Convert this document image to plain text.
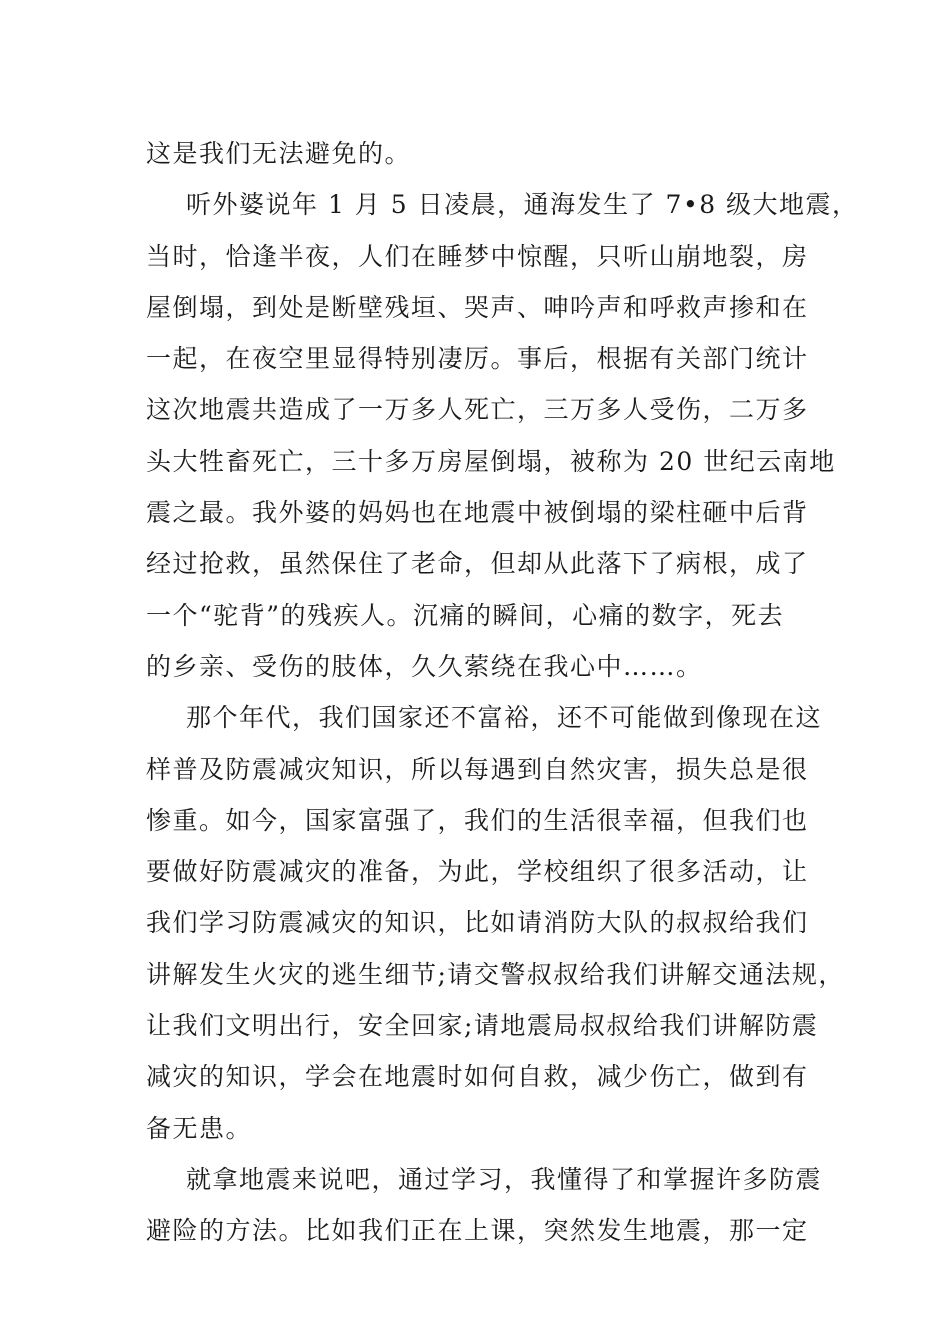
这是我们无法避免的。
听外婆说年 1 月 5 日凌晨，通海发生了 7•8 级大地震，
当时，恰逢半夜，人们在睡梦中惊醒，只听山崩地裂，房
屋倒塌，到处是断壁残垣、哭声、呻吟声和呼救声掺和在
一起，在夜空里显得特别凄厉。事后，根据有关部门统计
这次地震共造成了一万多人死亡，三万多人受伤，二万多
头大牲畜死亡，三十多万房屋倒塌，被称为 20 世纪云南地
震之最。我外婆的妈妈也在地震中被倒塌的梁柱砸中后背
经过抢救，虽然保住了老命，但却从此落下了病根，成了
一个“驼背”的残疾人。沉痛的瞬间，心痛的数字，死去
的乡亲、受伤的肢体，久久萦绕在我心中……。
那个年代，我们国家还不富裕，还不可能做到像现在这
样普及防震减灾知识，所以每遇到自然灾害，损失总是很
惨重。如今，国家富强了，我们的生活很幸福，但我们也
要做好防震减灾的准备，为此，学校组织了很多活动，让
我们学习防震减灾的知识，比如请消防大队的叔叔给我们
讲解发生火灾的逃生细节;请交警叔叔给我们讲解交通法规，
让我们文明出行，安全回家;请地震局叔叔给我们讲解防震
减灾的知识，学会在地震时如何自救，减少伤亡，做到有
备无患。
就拿地震来说吧，通过学习，我懂得了和掌握许多防震
避险的方法。比如我们正在上课，突然发生地震，那一定
